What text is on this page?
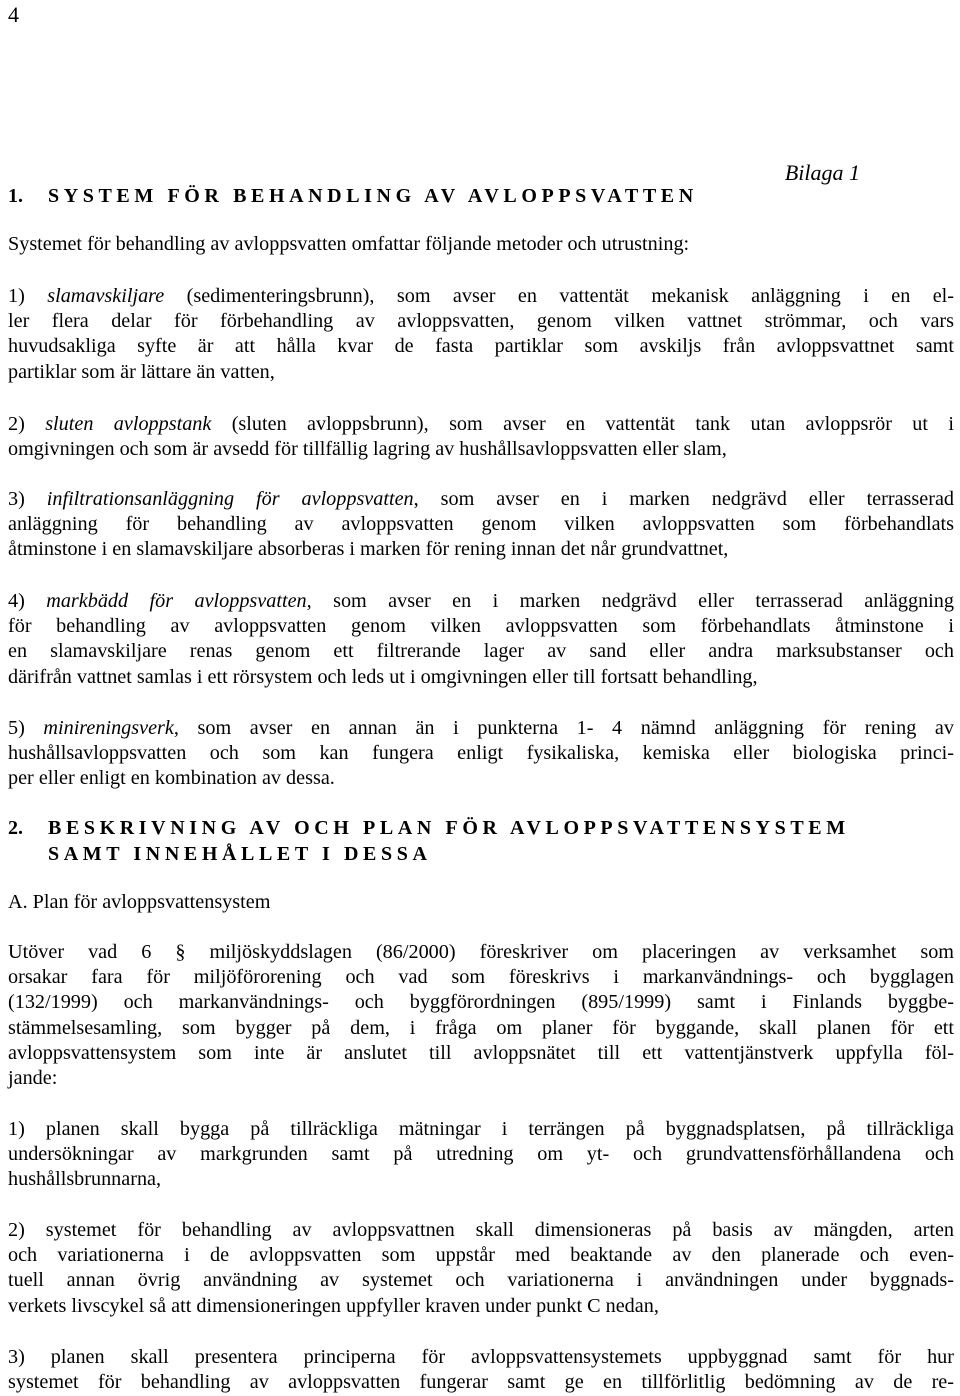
4
Bilaga 1
1. SYSTEM FÖR BEHANDLING AV AVLOPPSVATTEN
Systemet för behandling av avloppsvatten omfattar följande metoder och utrustning:
1) slamavskiljare (sedimenteringsbrunn), som avser en vattentät mekanisk anläggning i en el-
ler flera delar för förbehandling av avloppsvatten, genom vilken vattnet strömmar, och vars
huvudsakliga syfte är att hålla kvar de fasta partiklar som avskiljs från avloppsvattnet samt
partiklar som är lättare än vatten,
2) sluten avloppstank (sluten avloppsbrunn), som avser en vattentät tank utan avloppsrör ut i
omgivningen och som är avsedd för tillfällig lagring av hushållsavloppsvatten eller slam,
3) infiltrationsanläggning för avloppsvatten, som avser en i marken nedgrävd eller terrasserad
anläggning för behandling av avloppsvatten genom vilken avloppsvatten som förbehandlats
åtminstone i en slamavskiljare absorberas i marken för rening innan det når grundvattnet,
4) markbädd för avloppsvatten, som avser en i marken nedgrävd eller terrasserad anläggning
för behandling av avloppsvatten genom vilken avloppsvatten som förbehandlats åtminstone i
en slamavskiljare renas genom ett filtrerande lager av sand eller andra marksubstanser och
därifrån vattnet samlas i ett rörsystem och leds ut i omgivningen eller till fortsatt behandling,
5) minireningsverk, som avser en annan än i punkterna 1- 4 nämnd anläggning för rening av
hushållsavloppsvatten och som kan fungera enligt fysikaliska, kemiska eller biologiska princi-
per eller enligt en kombination av dessa.
2. BESKRIVNING AV OCH PLAN FÖR AVLOPPSVATTENSYSTEM
SAMT INNEHÅLLET I DESSA
A. Plan för avloppsvattensystem
Utöver vad 6 § miljöskyddslagen (86/2000) föreskriver om placeringen av verksamhet som
orsakar fara för miljöförorening och vad som föreskrivs i markanvändnings- och bygglagen
(132/1999) och markanvändnings- och byggförordningen (895/1999) samt i Finlands byggbe-
stämmelsesamling, som bygger på dem, i fråga om planer för byggande, skall planen för ett
avloppsvattensystem som inte är anslutet till avloppsnätet till ett vattentjänstverk uppfylla föl-
jande:
1) planen skall bygga på tillräckliga mätningar i terrängen på byggnadsplatsen, på tillräckliga
undersökningar av markgrunden samt på utredning om yt- och grundvattensförhållandena och
hushållsbrunnarna,
2) systemet för behandling av avloppsvattnen skall dimensioneras på basis av mängden, arten
och variationerna i de avloppsvatten som uppstår med beaktande av den planerade och even-
tuell annan övrig användning av systemet och variationerna i användningen under byggnads-
verkets livscykel så att dimensioneringen uppfyller kraven under punkt C nedan,
3) planen skall presentera principerna för avloppsvattensystemets uppbyggnad samt för hur
systemet för behandling av avloppsvatten fungerar samt ge en tillförlitlig bedömning av de re-
